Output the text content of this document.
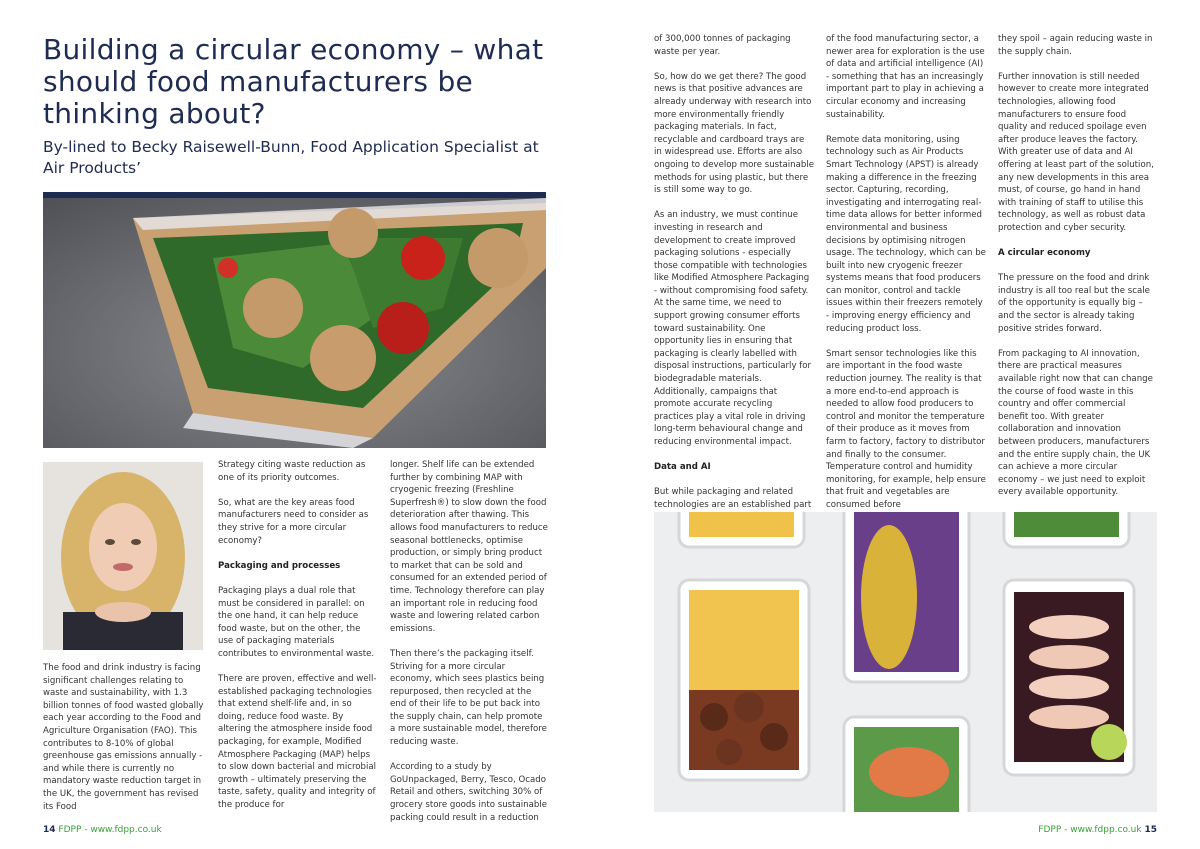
Building a circular economy – what should food manufacturers be thinking about?
By-lined to Becky Raisewell-Bunn, Food Application Specialist at Air Products’

The food and drink industry is facing significant challenges relating to waste and sustainability, with 1.3 billion tonnes of food wasted globally each year according to the Food and Agriculture Organisation (FAO). This contributes to 8-10% of global greenhouse gas emissions annually - and while there is currently no mandatory waste reduction target in the UK, the government has revised its Food

Strategy citing waste reduction as one of its priority outcomes.

So, what are the key areas food manufacturers need to consider as they strive for a more circular economy?

Packaging and processes

Packaging plays a dual role that must be considered in parallel: on the one hand, it can help reduce food waste, but on the other, the use of packaging materials contributes to environmental waste.

There are proven, effective and well-established packaging technologies that extend shelf-life and, in so doing, reduce food waste. By altering the atmosphere inside food packaging, for example, Modified Atmosphere Packaging (MAP) helps to slow down bacterial and microbial growth – ultimately preserving the taste, safety, quality and integrity of the produce for

longer. Shelf life can be extended further by combining MAP with cryogenic freezing (Freshline Superfresh®) to slow down the food deterioration after thawing. This allows food manufacturers to reduce seasonal bottlenecks, optimise production, or simply bring product to market that can be sold and consumed for an extended period of time. Technology therefore can play an important role in reducing food waste and lowering related carbon emissions.

Then there’s the packaging itself. Striving for a more circular economy, which sees plastics being repurposed, then recycled at the end of their life to be put back into the supply chain, can help promote a more sustainable model, therefore reducing waste.

According to a study by GoUnpackaged, Berry, Tesco, Ocado Retail and others, switching 30% of grocery store goods into sustainable packing could result in a reduction

14 FDPP - www.fdpp.co.uk

of 300,000 tonnes of packaging waste per year.

So, how do we get there? The good news is that positive advances are already underway with research into more environmentally friendly packaging materials. In fact, recyclable and cardboard trays are in widespread use. Efforts are also ongoing to develop more sustainable methods for using plastic, but there is still some way to go.

As an industry, we must continue investing in research and development to create improved packaging solutions - especially those compatible with technologies like Modified Atmosphere Packaging - without compromising food safety. At the same time, we need to support growing consumer efforts toward sustainability. One opportunity lies in ensuring that packaging is clearly labelled with disposal instructions, particularly for biodegradable materials. Additionally, campaigns that promote accurate recycling practices play a vital role in driving long-term behavioural change and reducing environmental impact.

Data and AI

But while packaging and related technologies are an established part

of the food manufacturing sector, a newer area for exploration is the use of data and artificial intelligence (AI) - something that has an increasingly important part to play in achieving a circular economy and increasing sustainability.

Remote data monitoring, using technology such as Air Products Smart Technology (APST) is already making a difference in the freezing sector. Capturing, recording, investigating and interrogating real-time data allows for better informed environmental and business decisions by optimising nitrogen usage. The technology, which can be built into new cryogenic freezer systems means that food producers can monitor, control and tackle issues within their freezers remotely - improving energy efficiency and reducing product loss.

Smart sensor technologies like this are important in the food waste reduction journey. The reality is that a more end-to-end approach is needed to allow food producers to control and monitor the temperature of their produce as it moves from farm to factory, factory to distributor and finally to the consumer. Temperature control and humidity monitoring, for example, help ensure that fruit and vegetables are consumed before

they spoil – again reducing waste in the supply chain.

Further innovation is still needed however to create more integrated technologies, allowing food manufacturers to ensure food quality and reduced spoilage even after produce leaves the factory. With greater use of data and AI offering at least part of the solution, any new developments in this area must, of course, go hand in hand with training of staff to utilise this technology, as well as robust data protection and cyber security.

A circular economy

The pressure on the food and drink industry is all too real but the scale of the opportunity is equally big – and the sector is already taking positive strides forward.

From packaging to AI innovation, there are practical measures available right now that can change the course of food waste in this country and offer commercial benefit too. With greater collaboration and innovation between producers, manufacturers and the entire supply chain, the UK can achieve a more circular economy – we just need to exploit every available opportunity.

FDPP - www.fdpp.co.uk 15
